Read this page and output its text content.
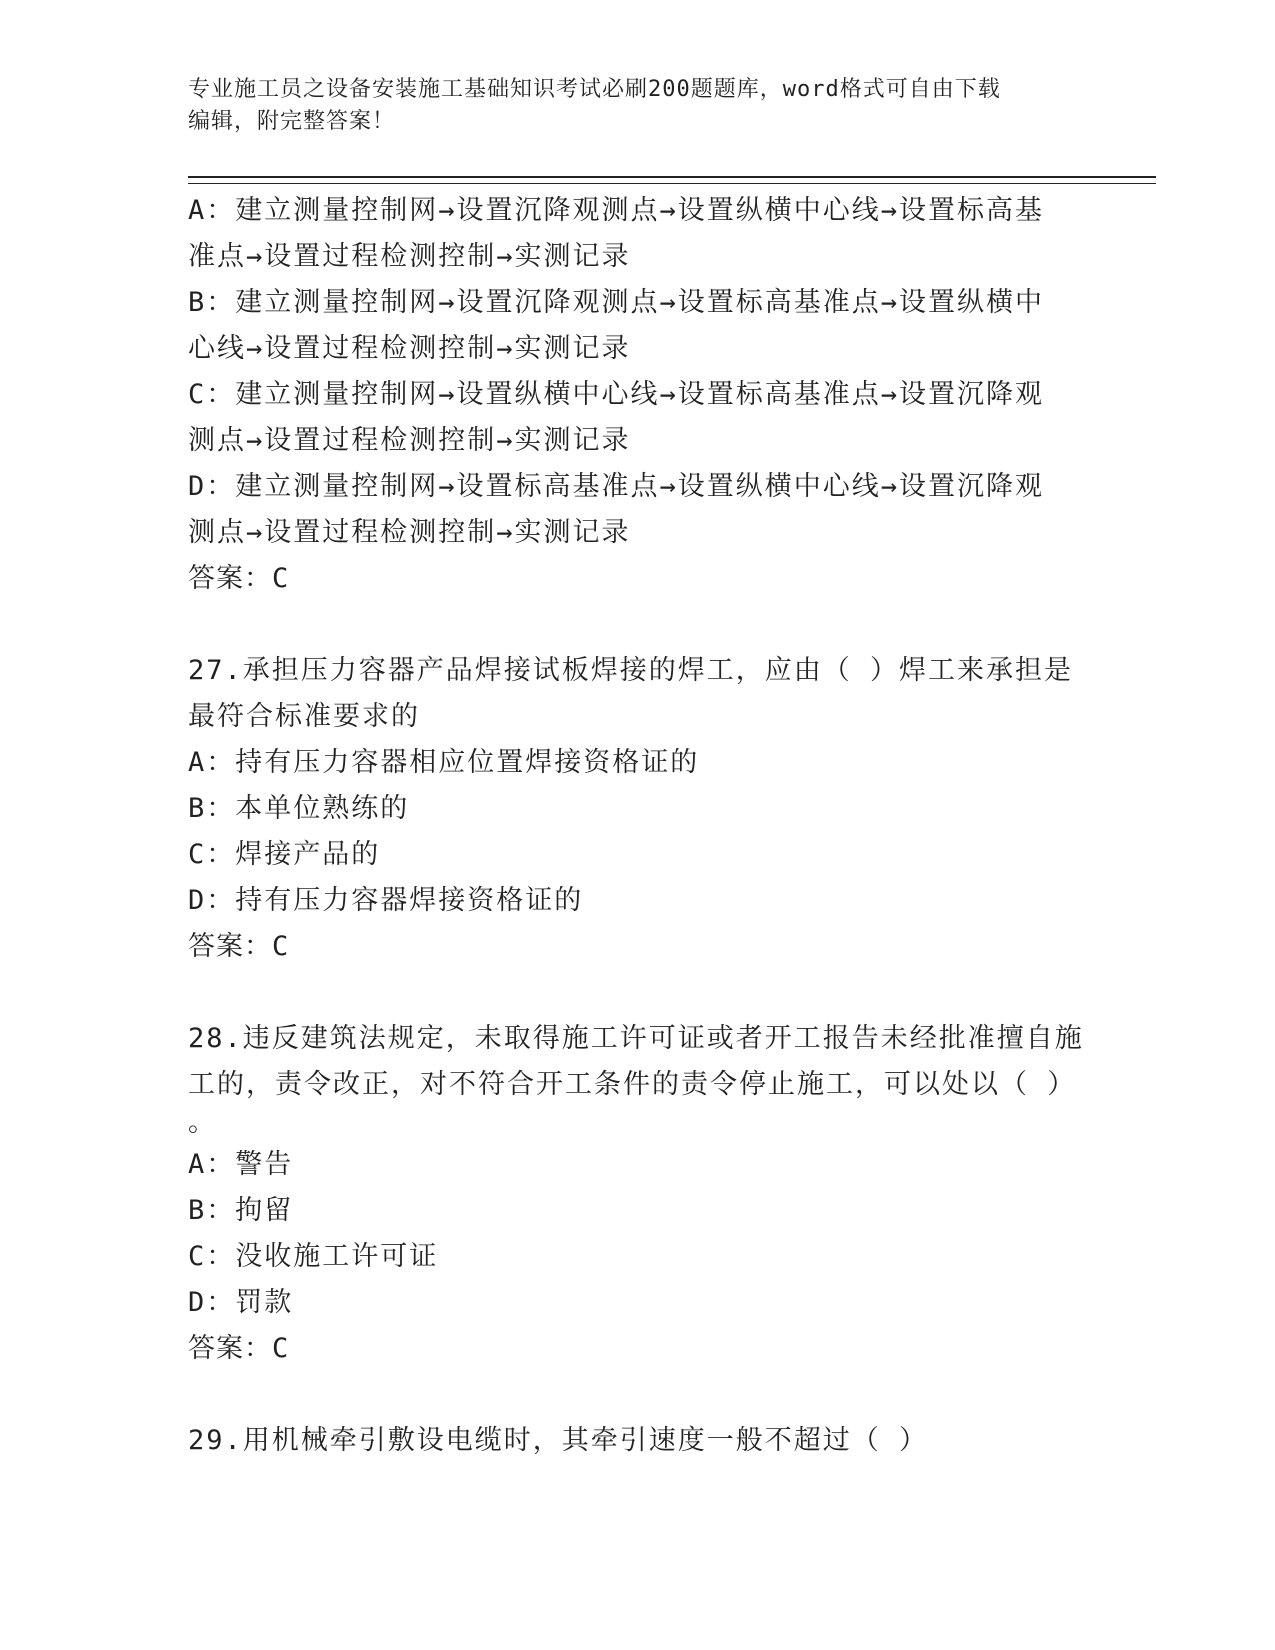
专业施工员之设备安装施工基础知识考试必刷200题题库，word格式可自由下载
编辑，附完整答案！

A：建立测量控制网→设置沉降观测点→设置纵横中心线→设置标高基

准点→设置过程检测控制→实测记录

B：建立测量控制网→设置沉降观测点→设置标高基准点→设置纵横中

心线→设置过程检测控制→实测记录

C：建立测量控制网→设置纵横中心线→设置标高基准点→设置沉降观

测点→设置过程检测控制→实测记录

D：建立测量控制网→设置标高基准点→设置纵横中心线→设置沉降观

测点→设置过程检测控制→实测记录

答案：C

27.承担压力容器产品焊接试板焊接的焊工，应由（ ）焊工来承担是

最符合标准要求的

A：持有压力容器相应位置焊接资格证的

B：本单位熟练的

C：焊接产品的

D：持有压力容器焊接资格证的

答案：C

28.违反建筑法规定，未取得施工许可证或者开工报告未经批准擅自施

工的，责令改正，对不符合开工条件的责令停止施工，可以处以（ ）

。

A：警告

B：拘留

C：没收施工许可证

D：罚款

答案：C

29.用机械牵引敷设电缆时，其牵引速度一般不超过（ ）
